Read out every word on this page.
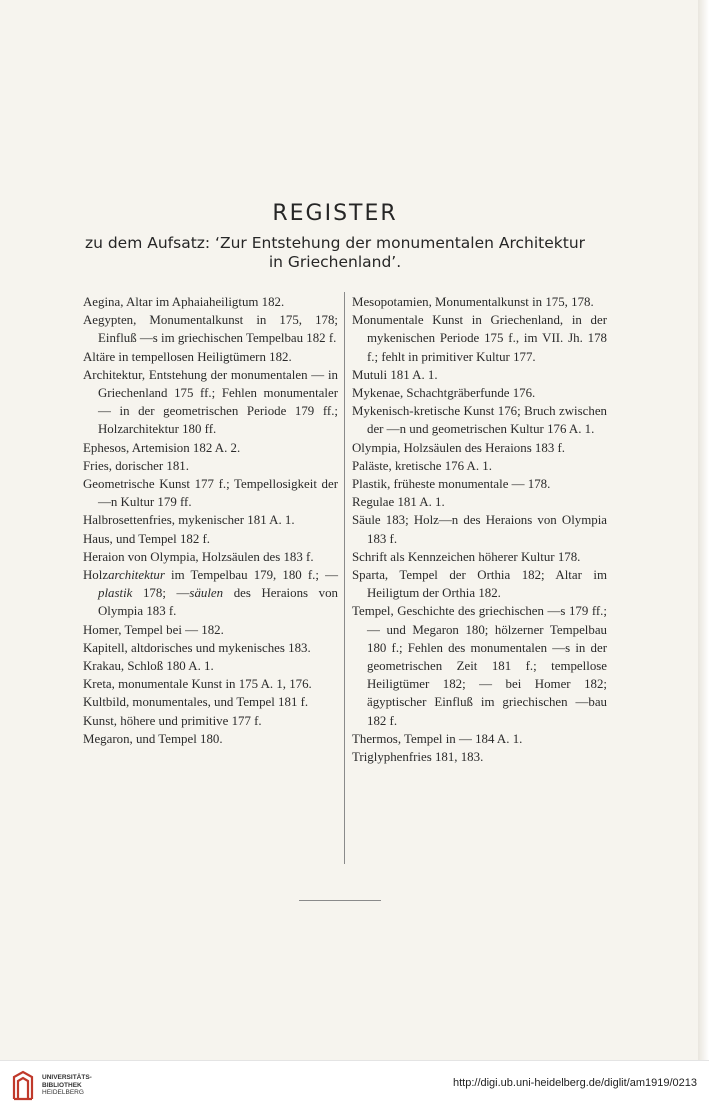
REGISTER
zu dem Aufsatz: ‘Zur Entstehung der monumentalen Architektur
in Griechenland’.
Aegina, Altar im Aphaiaheiligtum 182.
Aegypten, Monumentalkunst in 175, 178; Einfluß —s im griechischen Tempelbau 182 f.
Altäre in tempellosen Heiligtümern 182.
Architektur, Entstehung der monumentalen — in Griechenland 175 ff.; Fehlen monumentaler — in der geometrischen Periode 179 ff.; Holzarchitektur 180 ff.
Ephesos, Artemision 182 A. 2.
Fries, dorischer 181.
Geometrische Kunst 177 f.; Tempellosigkeit der —n Kultur 179 ff.
Halbrosettenfries, mykenischer 181 A. 1.
Haus, und Tempel 182 f.
Heraion von Olympia, Holzsäulen des 183 f.
Holzarchitektur im Tempelbau 179, 180 f.; —plastik 178; —säulen des Heraions von Olympia 183 f.
Homer, Tempel bei — 182.
Kapitell, altdorisches und mykenisches 183.
Krakau, Schloß 180 A. 1.
Kreta, monumentale Kunst in 175 A. 1, 176.
Kultbild, monumentales, und Tempel 181 f.
Kunst, höhere und primitive 177 f.
Megaron, und Tempel 180.
Mesopotamien, Monumentalkunst in 175, 178.
Monumentale Kunst in Griechenland, in der mykenischen Periode 175 f., im VII. Jh. 178 f.; fehlt in primitiver Kultur 177.
Mutuli 181 A. 1.
Mykenae, Schachtgräberfunde 176.
Mykenisch-kretische Kunst 176; Bruch zwischen der —n und geometrischen Kultur 176 A. 1.
Olympia, Holzsäulen des Heraions 183 f.
Paläste, kretische 176 A. 1.
Plastik, früheste monumentale — 178.
Regulae 181 A. 1.
Säule 183; Holz—n des Heraions von Olympia 183 f.
Schrift als Kennzeichen höherer Kultur 178.
Sparta, Tempel der Orthia 182; Altar im Heiligtum der Orthia 182.
Tempel, Geschichte des griechischen —s 179 ff.; — und Megaron 180; hölzerner Tempelbau 180 f.; Fehlen des monumentalen —s in der geometrischen Zeit 181 f.; tempellose Heiligtümer 182; — bei Homer 182; ägyptischer Einfluß im griechischen —bau 182 f.
Thermos, Tempel in — 184 A. 1.
Triglyphenfries 181, 183.
UNIVERSITÄTS-
BIBLIOTHEK
HEIDELBERG
http://digi.ub.uni-heidelberg.de/diglit/am1919/0213
